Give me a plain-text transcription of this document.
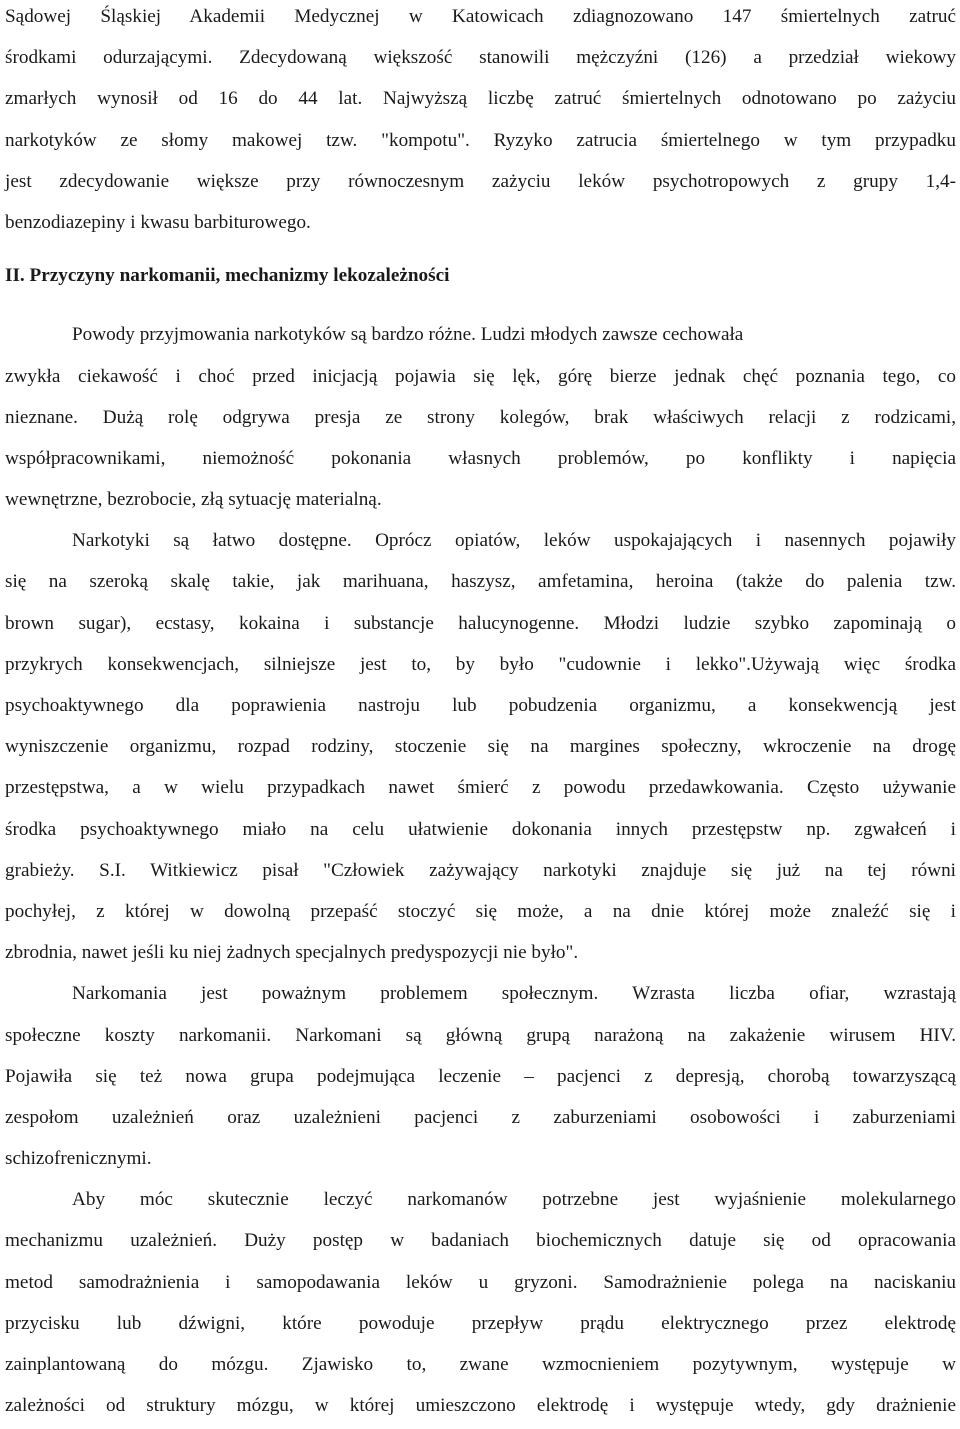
Sądowej Śląskiej Akademii Medycznej w Katowicach zdiagnozowano 147 śmiertelnych zatruć
środkami odurzającymi. Zdecydowaną większość stanowili mężczyźni (126) a przedział wiekowy
zmarłych wynosił od 16 do 44 lat. Najwyższą liczbę zatruć śmiertelnych odnotowano po zażyciu
narkotyków ze słomy makowej tzw. "kompotu". Ryzyko zatrucia śmiertelnego w tym przypadku
jest zdecydowanie większe przy równoczesnym zażyciu leków psychotropowych z grupy 1,4-
benzodiazepiny i kwasu barbiturowego.
II. Przyczyny narkomanii, mechanizmy lekozależności
Powody przyjmowania narkotyków są bardzo różne. Ludzi młodych zawsze cechowała
zwykła ciekawość i choć przed inicjacją pojawia się lęk, górę bierze jednak chęć poznania tego, co
nieznane. Dużą rolę odgrywa presja ze strony kolegów, brak właściwych relacji z rodzicami,
współpracownikami, niemożność pokonania własnych problemów, po konflikty i napięcia
wewnętrzne, bezrobocie, złą sytuację materialną.
Narkotyki są łatwo dostępne. Oprócz opiatów, leków uspokajających i nasennych pojawiły
się na szeroką skalę takie, jak marihuana, haszysz, amfetamina, heroina (także do palenia tzw.
brown sugar), ecstasy, kokaina i substancje halucynogenne. Młodzi ludzie szybko zapominają o
przykrych konsekwencjach, silniejsze jest to, by było "cudownie i lekko".Używają więc środka
psychoaktywnego dla poprawienia nastroju lub pobudzenia organizmu, a konsekwencją jest
wyniszczenie organizmu, rozpad rodziny, stoczenie się na margines społeczny, wkroczenie na drogę
przestępstwa, a w wielu przypadkach nawet śmierć z powodu przedawkowania. Często używanie
środka psychoaktywnego miało na celu ułatwienie dokonania innych przestępstw np. zgwałceń i
grabieży. S.I. Witkiewicz pisał "Człowiek zażywający narkotyki znajduje się już na tej równi
pochyłej, z której w dowolną przepaść stoczyć się może, a na dnie której może znaleźć się i
zbrodnia, nawet jeśli ku niej żadnych specjalnych predyspozycji nie było".
Narkomania jest poważnym problemem społecznym. Wzrasta liczba ofiar, wzrastają
społeczne koszty narkomanii. Narkomani są główną grupą narażoną na zakażenie wirusem HIV.
Pojawiła się też nowa grupa podejmująca leczenie – pacjenci z depresją, chorobą towarzyszącą
zespołom uzależnień oraz uzależnieni pacjenci z zaburzeniami osobowości i zaburzeniami
schizofrenicznymi.
Aby móc skutecznie leczyć narkomanów potrzebne jest wyjaśnienie molekularnego
mechanizmu uzależnień. Duży postęp w badaniach biochemicznych datuje się od opracowania
metod samodrażnienia i samopodawania leków u gryzoni. Samodrażnienie polega na naciskaniu
przycisku lub dźwigni, które powoduje przepływ prądu elektrycznego przez elektrodę
zainplantowaną do mózgu. Zjawisko to, zwane wzmocnieniem pozytywnym, występuje w
zależności od struktury mózgu, w której umieszczono elektrodę i występuje wtedy, gdy drażnienie
